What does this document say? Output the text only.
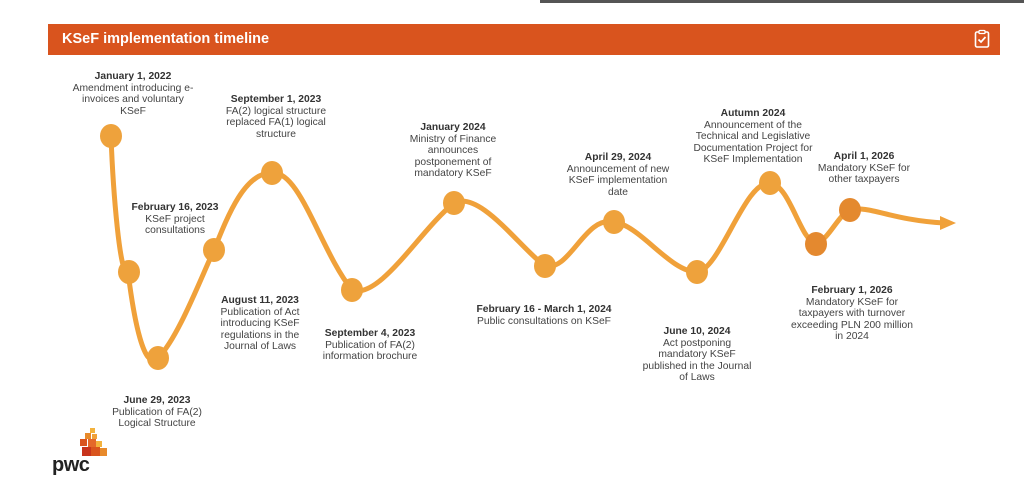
KSeF implementation timeline
January 1, 2022
Amendment introducing e-invoices and voluntary KSeF
February 16, 2023
KSeF project consultations
June 29, 2023
Publication of FA(2) Logical Structure
August 11, 2023
Publication of Act introducing KSeF regulations in the Journal of Laws
September 1, 2023
FA(2) logical structure replaced FA(1) logical structure
September 4, 2023
Publication of FA(2) information brochure
January 2024
Ministry of Finance announces postponement of mandatory KSeF
February 16 - March 1, 2024
Public consultations on KSeF
April 29, 2024
Announcement of new KSeF implementation date
June 10, 2024
Act postponing mandatory KSeF published in the Journal of Laws
Autumn 2024
Announcement of the Technical and Legislative Documentation Project for KSeF Implementation
February 1, 2026
Mandatory KSeF for taxpayers with turnover exceeding PLN 200 million in 2024
April 1, 2026
Mandatory KSeF for other taxpayers
pwc
